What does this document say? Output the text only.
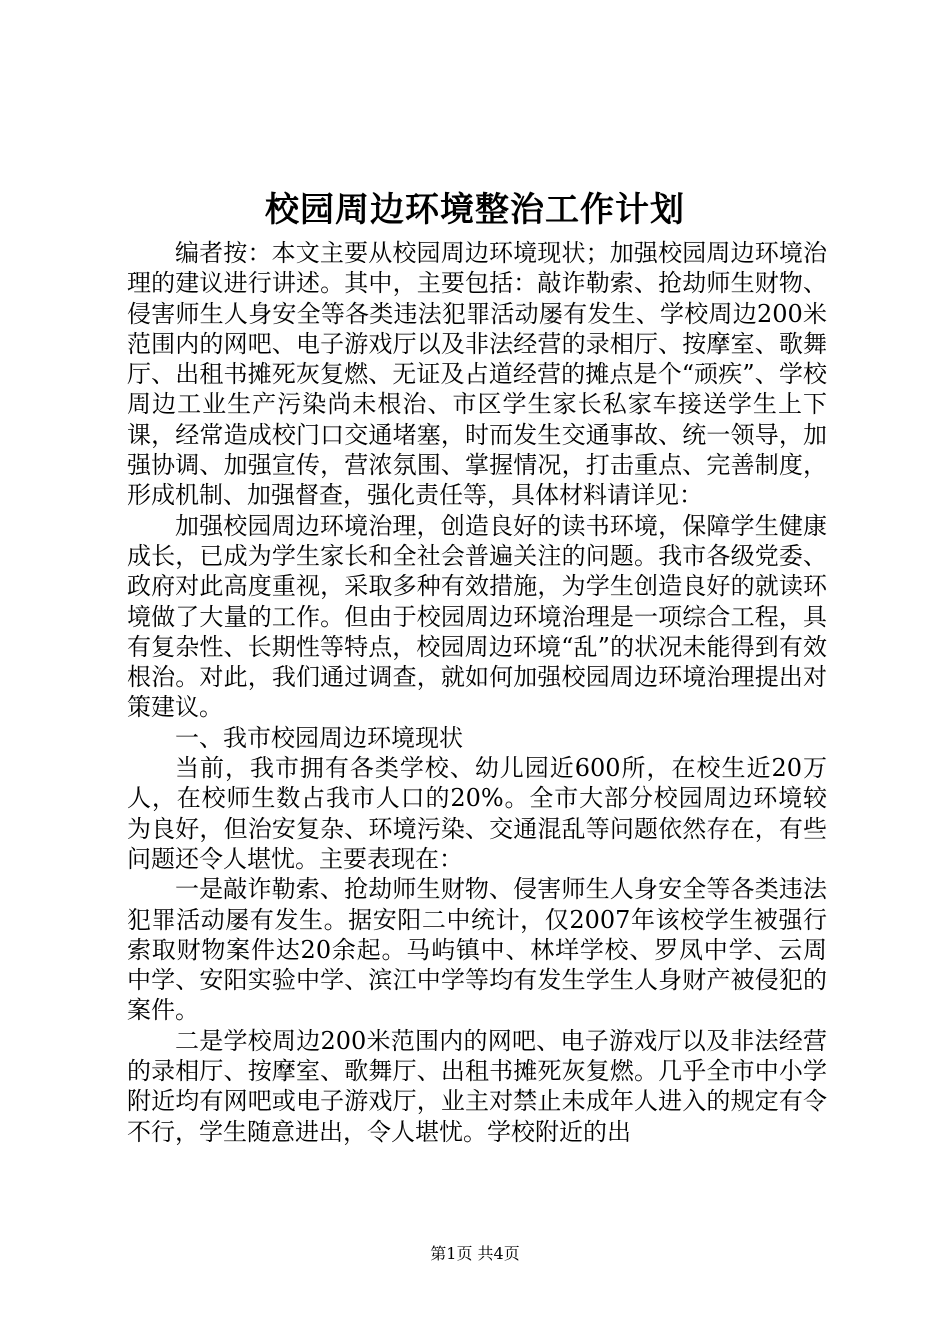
校园周边环境整治工作计划

编者按：本文主要从校园周边环境现状；加强校园周边环境治理的建议进行讲述。其中，主要包括：敲诈勒索、抢劫师生财物、侵害师生人身安全等各类违法犯罪活动屡有发生、学校周边200米范围内的网吧、电子游戏厅以及非法经营的录相厅、按摩室、歌舞厅、出租书摊死灰复燃、无证及占道经营的摊点是个“顽疾”、学校周边工业生产污染尚未根治、市区学生家长私家车接送学生上下课，经常造成校门口交通堵塞，时而发生交通事故、统一领导，加强协调、加强宣传，营浓氛围、掌握情况，打击重点、完善制度，形成机制、加强督查，强化责任等，具体材料请详见：

加强校园周边环境治理，创造良好的读书环境，保障学生健康成长，已成为学生家长和全社会普遍关注的问题。我市各级党委、政府对此高度重视，采取多种有效措施，为学生创造良好的就读环境做了大量的工作。但由于校园周边环境治理是一项综合工程，具有复杂性、长期性等特点，校园周边环境“乱”的状况未能得到有效根治。对此，我们通过调查，就如何加强校园周边环境治理提出对策建议。

一、我市校园周边环境现状

当前，我市拥有各类学校、幼儿园近600所，在校生近20万人，在校师生数占我市人口的20%。全市大部分校园周边环境较为良好，但治安复杂、环境污染、交通混乱等问题依然存在，有些问题还令人堪忧。主要表现在：

一是敲诈勒索、抢劫师生财物、侵害师生人身安全等各类违法犯罪活动屡有发生。据安阳二中统计，仅2007年该校学生被强行索取财物案件达20余起。马屿镇中、林垟学校、罗凤中学、云周中学、安阳实验中学、滨江中学等均有发生学生人身财产被侵犯的案件。

二是学校周边200米范围内的网吧、电子游戏厅以及非法经营的录相厅、按摩室、歌舞厅、出租书摊死灰复燃。几乎全市中小学附近均有网吧或电子游戏厅，业主对禁止未成年人进入的规定有令不行，学生随意进出，令人堪忧。学校附近的出

第1页 共4页
